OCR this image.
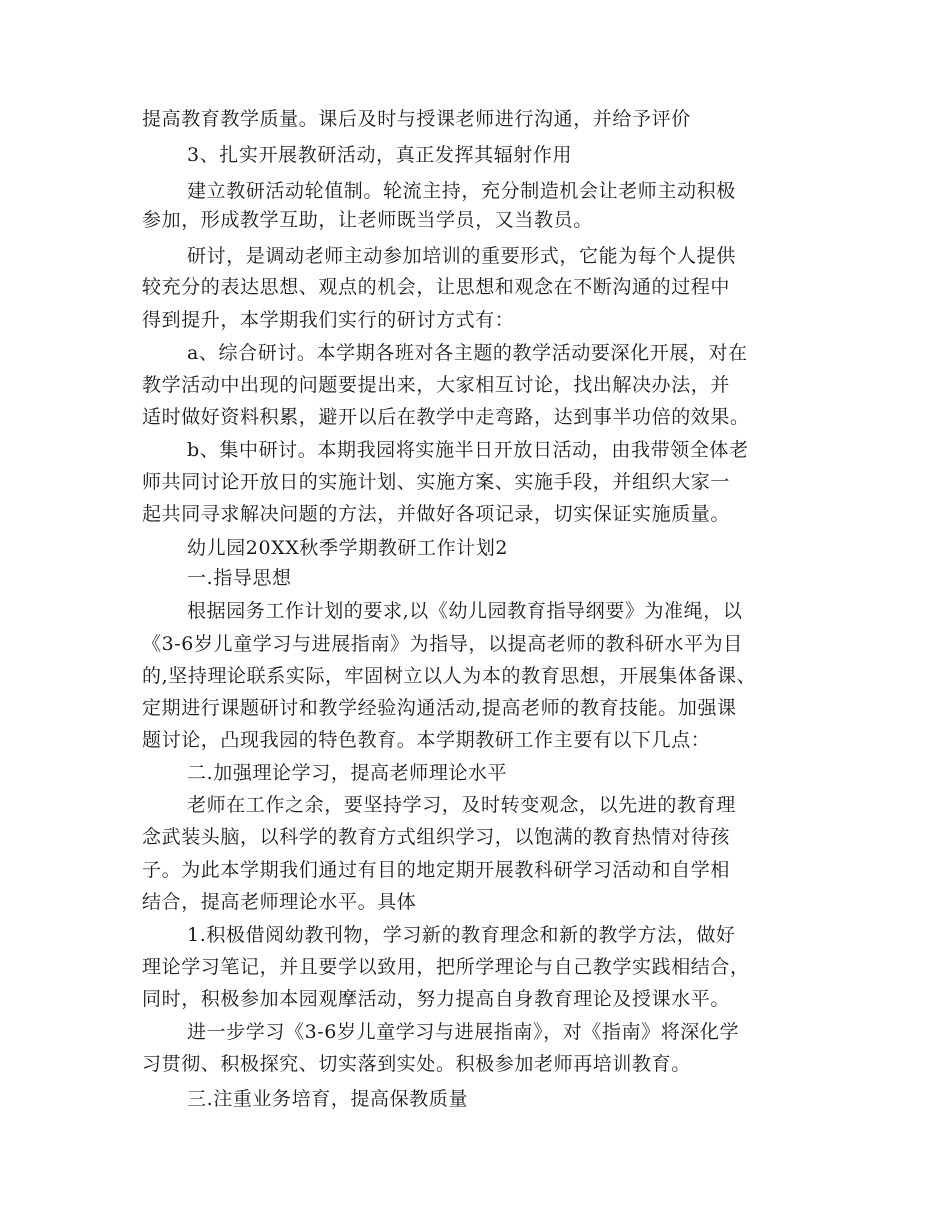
提高教育教学质量。课后及时与授课老师进行沟通，并给予评价
3、扎实开展教研活动，真正发挥其辐射作用
建立教研活动轮值制。轮流主持，充分制造机会让老师主动积极
参加，形成教学互助，让老师既当学员，又当教员。
研讨，是调动老师主动参加培训的重要形式，它能为每个人提供
较充分的表达思想、观点的机会，让思想和观念在不断沟通的过程中
得到提升，本学期我们实行的研讨方式有：
a、综合研讨。本学期各班对各主题的教学活动要深化开展，对在
教学活动中出现的问题要提出来，大家相互讨论，找出解决办法，并
适时做好资料积累，避开以后在教学中走弯路，达到事半功倍的效果。
b、集中研讨。本期我园将实施半日开放日活动，由我带领全体老
师共同讨论开放日的实施计划、实施方案、实施手段，并组织大家一
起共同寻求解决问题的方法，并做好各项记录，切实保证实施质量。
幼儿园20XX秋季学期教研工作计划2
一.指导思想
根据园务工作计划的要求,以《幼儿园教育指导纲要》为准绳，以
《3-6岁儿童学习与进展指南》为指导，以提高老师的教科研水平为目
的,坚持理论联系实际，牢固树立以人为本的教育思想，开展集体备课、
定期进行课题研讨和教学经验沟通活动,提高老师的教育技能。加强课
题讨论，凸现我园的特色教育。本学期教研工作主要有以下几点：
二.加强理论学习，提高老师理论水平
老师在工作之余，要坚持学习，及时转变观念，以先进的教育理
念武装头脑，以科学的教育方式组织学习，以饱满的教育热情对待孩
子。为此本学期我们通过有目的地定期开展教科研学习活动和自学相
结合，提高老师理论水平。具体
1.积极借阅幼教刊物，学习新的教育理念和新的教学方法，做好
理论学习笔记，并且要学以致用，把所学理论与自己教学实践相结合，
同时，积极参加本园观摩活动，努力提高自身教育理论及授课水平。
进一步学习《3-6岁儿童学习与进展指南》，对《指南》将深化学
习贯彻、积极探究、切实落到实处。积极参加老师再培训教育。
三.注重业务培育，提高保教质量
